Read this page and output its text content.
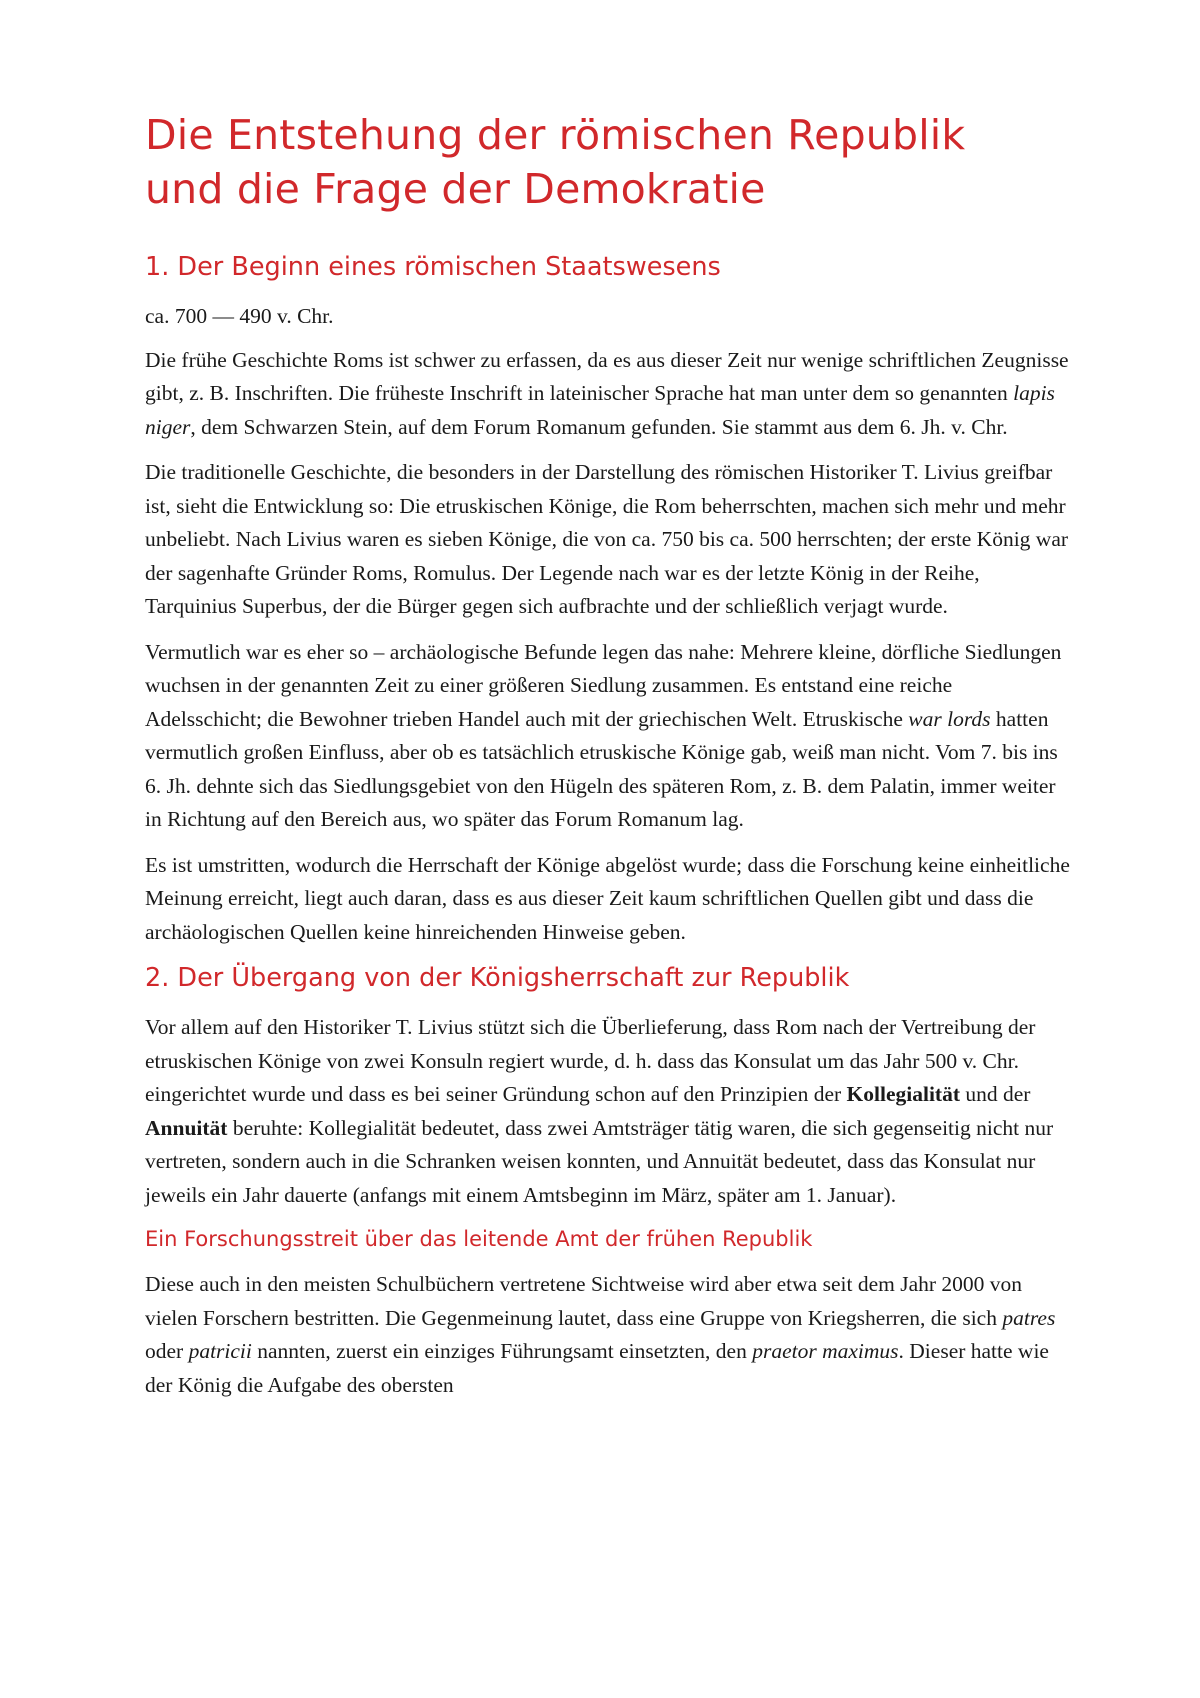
Die Entstehung der römischen Republik
und die Frage der Demokratie
1. Der Beginn eines römischen Staatswesens

ca. 700 — 490 v. Chr.

Die frühe Geschichte Roms ist schwer zu erfassen, da es aus dieser Zeit nur wenige schriftlichen Zeugnisse gibt, z. B. Inschriften. Die früheste Inschrift in lateinischer Sprache hat man unter dem so genannten lapis niger, dem Schwarzen Stein, auf dem Forum Romanum gefunden. Sie stammt aus dem 6. Jh. v. Chr.

Die traditionelle Geschichte, die besonders in der Darstellung des römischen Historiker T. Livius greifbar ist, sieht die Entwicklung so: Die etruskischen Könige, die Rom beherrschten, machen sich mehr und mehr unbeliebt. Nach Livius waren es sieben Könige, die von ca. 750 bis ca. 500 herrschten; der erste König war der sagenhafte Gründer Roms, Romulus. Der Legende nach war es der letzte König in der Reihe, Tarquinius Superbus, der die Bürger gegen sich aufbrachte und der schließlich verjagt wurde.

Vermutlich war es eher so – archäologische Befunde legen das nahe: Mehrere kleine, dörfliche Siedlungen wuchsen in der genannten Zeit zu einer größeren Siedlung zusammen. Es entstand eine reiche Adelsschicht; die Bewohner trieben Handel auch mit der griechischen Welt. Etruskische war lords hatten vermutlich großen Einfluss, aber ob es tatsächlich etruskische Könige gab, weiß man nicht. Vom 7. bis ins 6. Jh. dehnte sich das Siedlungsgebiet von den Hügeln des späteren Rom, z. B. dem Palatin, immer weiter in Richtung auf den Bereich aus, wo später das Forum Romanum lag.

Es ist umstritten, wodurch die Herrschaft der Könige abgelöst wurde; dass die Forschung keine einheitliche Meinung erreicht, liegt auch daran, dass es aus dieser Zeit kaum schriftlichen Quellen gibt und dass die archäologischen Quellen keine hinreichenden Hinweise geben.

2. Der Übergang von der Königsherrschaft zur Republik

Vor allem auf den Historiker T. Livius stützt sich die Überlieferung, dass Rom nach der Vertreibung der etruskischen Könige von zwei Konsuln regiert wurde, d. h. dass das Konsulat um das Jahr 500 v. Chr. eingerichtet wurde und dass es bei seiner Gründung schon auf den Prinzipien der Kollegialität und der Annuität beruhte: Kollegialität bedeutet, dass zwei Amtsträger tätig waren, die sich gegenseitig nicht nur vertreten, sondern auch in die Schranken weisen konnten, und Annuität bedeutet, dass das Konsulat nur jeweils ein Jahr dauerte (anfangs mit einem Amtsbeginn im März, später am 1. Januar).

Ein Forschungsstreit über das leitende Amt der frühen Republik

Diese auch in den meisten Schulbüchern vertretene Sichtweise wird aber etwa seit dem Jahr 2000 von vielen Forschern bestritten. Die Gegenmeinung lautet, dass eine Gruppe von Kriegsherren, die sich patres oder patricii nannten, zuerst ein einziges Führungsamt einsetzten, den praetor maximus. Dieser hatte wie der König die Aufgabe des obersten
